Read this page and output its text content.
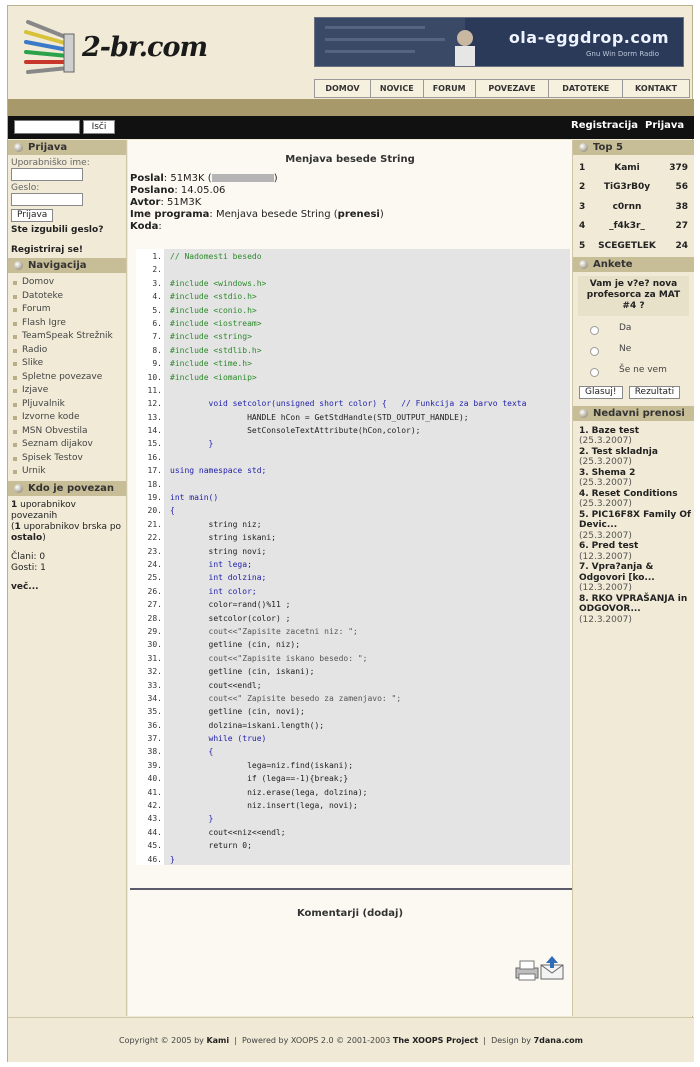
2-br.com	ola-eggdrop.com
Gnu Win Dorm Radio
DOMOV	NOVICE	FORUM	POVEZAVE	DATOTEKE	KONTAKT
Isči	Registracija Prijava
Prijava
Uporabniško ime:
Geslo:
Prijava
Ste izgubili geslo?
Registriraj se!
Navigacija
Domov
Datoteke
Forum
Flash Igre
TeamSpeak Strežnik
Radio
Slike
Spletne povezave
Izjave
Pljuvalnik
Izvorne kode
MSN Obvestila
Seznam dijakov
Spisek Testov
Urnik
Kdo je povezan
1 uporabnikov povezanih
(1 uporabnikov brska po
ostalo)
Člani: 0
Gosti: 1
več...
Menjava besede String
Poslal: 51M3K (	)
Poslano: 14.05.06
Avtor: 51M3K
Ime programa: Menjava besede String (prenesi)
Koda:
1. // Nadomesti besedo
2.
3. #include <windows.h>
4. #include <stdio.h>
5. #include <conio.h>
6. #include <iostream>
7. #include <string>
8. #include <stdlib.h>
9. #include <time.h>
10. #include <iomanip>
11.
12. void setcolor(unsigned short color) {   // Funkcija za barvo texta
13. HANDLE hCon = GetStdHandle(STD_OUTPUT_HANDLE);
14. SetConsoleTextAttribute(hCon,color);
15. }
16.
17. using namespace std;
18.
19. int main()
20. {
21. string niz;
22. string iskani;
23. string novi;
24. int lega;
25. int dolzina;
26. int color;
27. color=rand()%11 ;
28. setcolor(color) ;
29. cout<<"Zapisite zacetni niz: ";
30. getline (cin, niz);
31. cout<<"Zapisite iskano besedo: ";
32. getline (cin, iskani);
33. cout<<endl;
34. cout<<" Zapisite besedo za zamenjavo: ";
35. getline (cin, novi);
36. dolzina=iskani.length();
37. while (true)
38. {
39. lega=niz.find(iskani);
40. if (lega==-1){break;}
41. niz.erase(lega, dolzina);
42. niz.insert(lega, novi);
43. }
44. cout<<niz<<endl;
45. return 0;
46. }
Komentarji (dodaj)
Top 5
1	Kami	379
2	TiG3rB0y	56
3	c0rnn	38
4	_f4k3r_	27
5	SCEGETLEK	24
Ankete
Vam je v?e? nova profesorca za MAT #4 ?
Da
Ne
Še ne vem
Glasuj! Rezultati
Nedavni prenosi
1. Baze test
(25.3.2007)
2. Test skladnja
(25.3.2007)
3. Shema 2
(25.3.2007)
4. Reset Conditions
(25.3.2007)
5. PIC16F8X Family Of Devic...
(25.3.2007)
6. Pred test
(12.3.2007)
7. Vpra?anja & Odgovori [ko...
(12.3.2007)
8. RKO VPRAŠANJA in ODGOVOR...
(12.3.2007)
Copyright © 2005 by Kami  |  Powered by XOOPS 2.0 © 2001-2003 The XOOPS Project  |  Design by 7dana.com
